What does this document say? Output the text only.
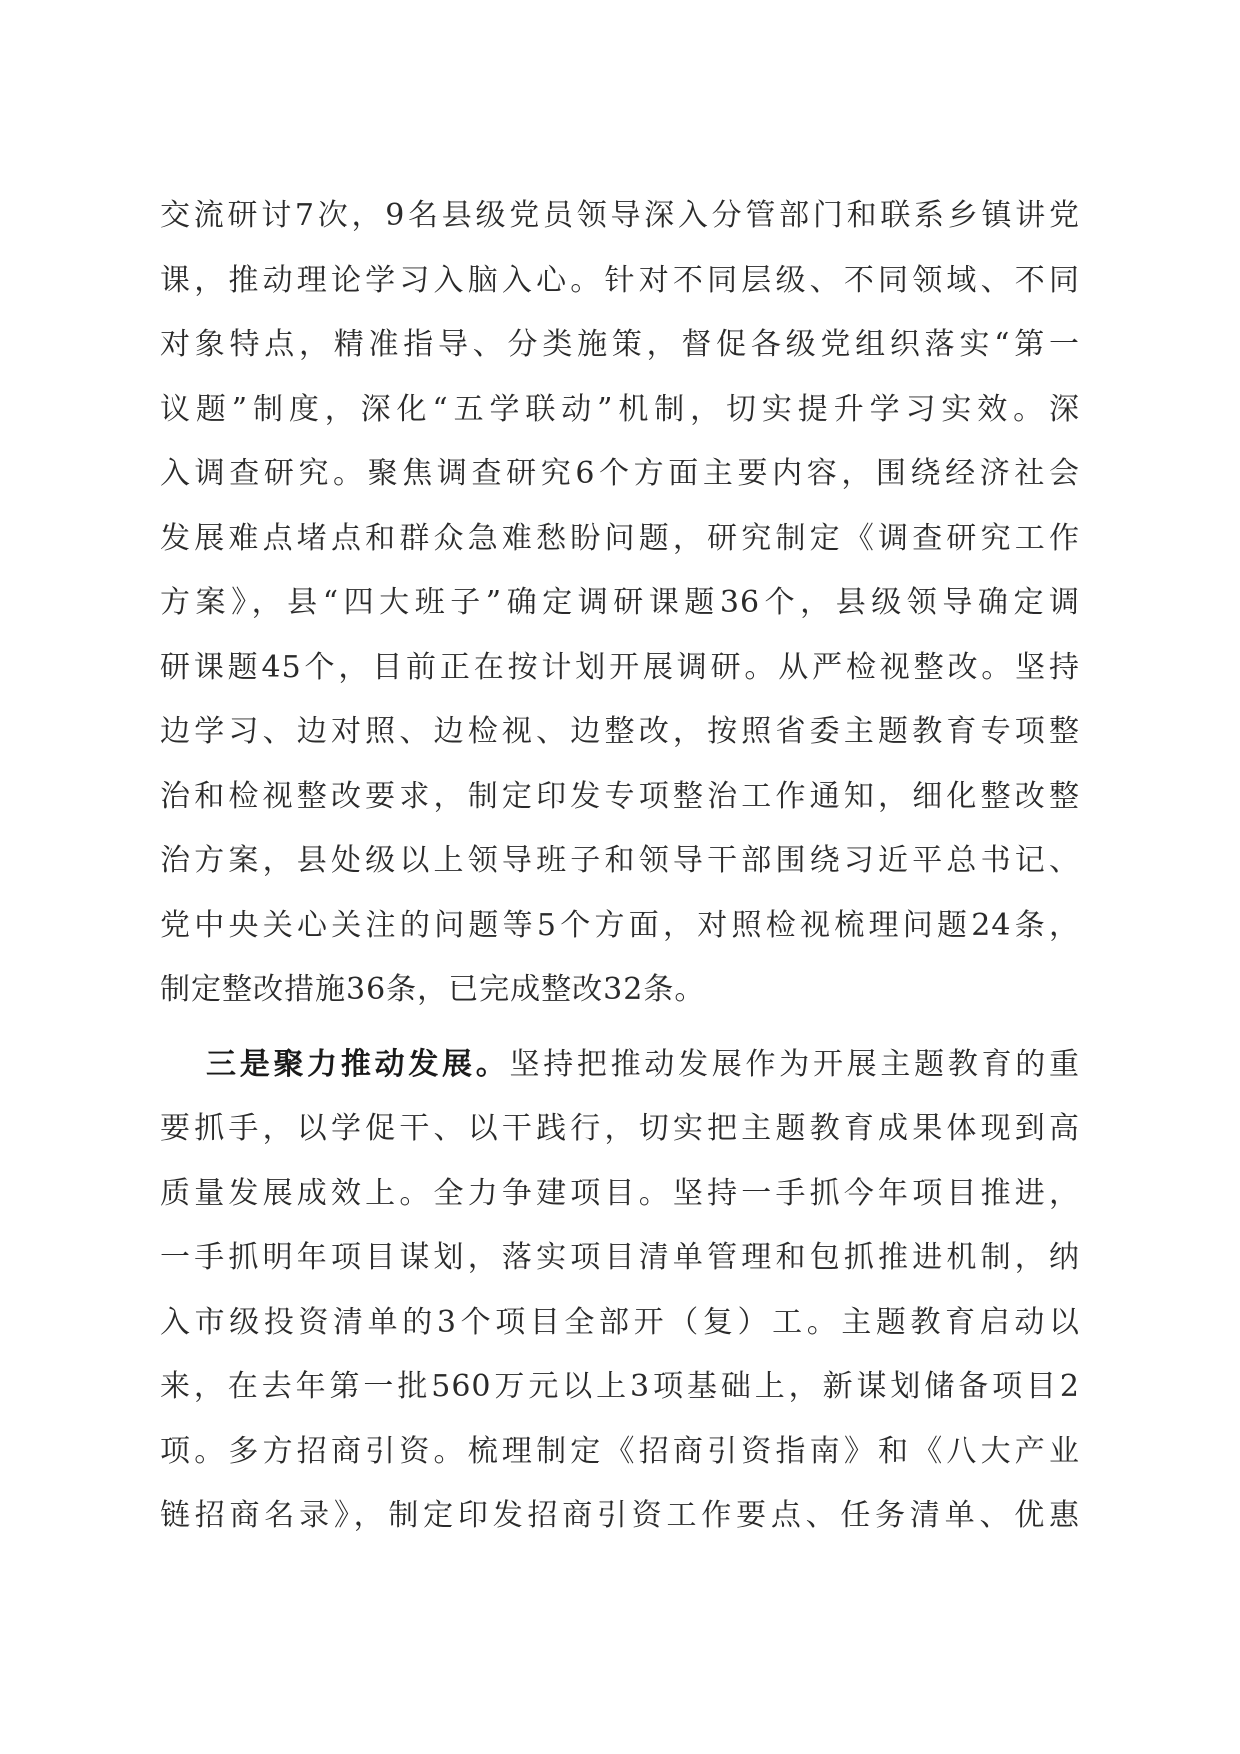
交流研讨7次，9名县级党员领导深入分管部门和联系乡镇讲党
课，推动理论学习入脑入心。针对不同层级、不同领域、不同
对象特点，精准指导、分类施策，督促各级党组织落实“第一
议题”制度，深化“五学联动”机制，切实提升学习实效。深
入调查研究。聚焦调查研究6个方面主要内容，围绕经济社会
发展难点堵点和群众急难愁盼问题，研究制定《调查研究工作
方案》，县“四大班子”确定调研课题36个，县级领导确定调
研课题45个，目前正在按计划开展调研。从严检视整改。坚持
边学习、边对照、边检视、边整改，按照省委主题教育专项整
治和检视整改要求，制定印发专项整治工作通知，细化整改整
治方案，县处级以上领导班子和领导干部围绕习近平总书记、
党中央关心关注的问题等5个方面，对照检视梳理问题24条，
制定整改措施36条，已完成整改32条。
三是聚力推动发展。坚持把推动发展作为开展主题教育的重
要抓手，以学促干、以干践行，切实把主题教育成果体现到高
质量发展成效上。全力争建项目。坚持一手抓今年项目推进，
一手抓明年项目谋划，落实项目清单管理和包抓推进机制，纳
入市级投资清单的3个项目全部开（复）工。主题教育启动以
来，在去年第一批560万元以上3项基础上，新谋划储备项目2
项。多方招商引资。梳理制定《招商引资指南》和《八大产业
链招商名录》，制定印发招商引资工作要点、任务清单、优惠
